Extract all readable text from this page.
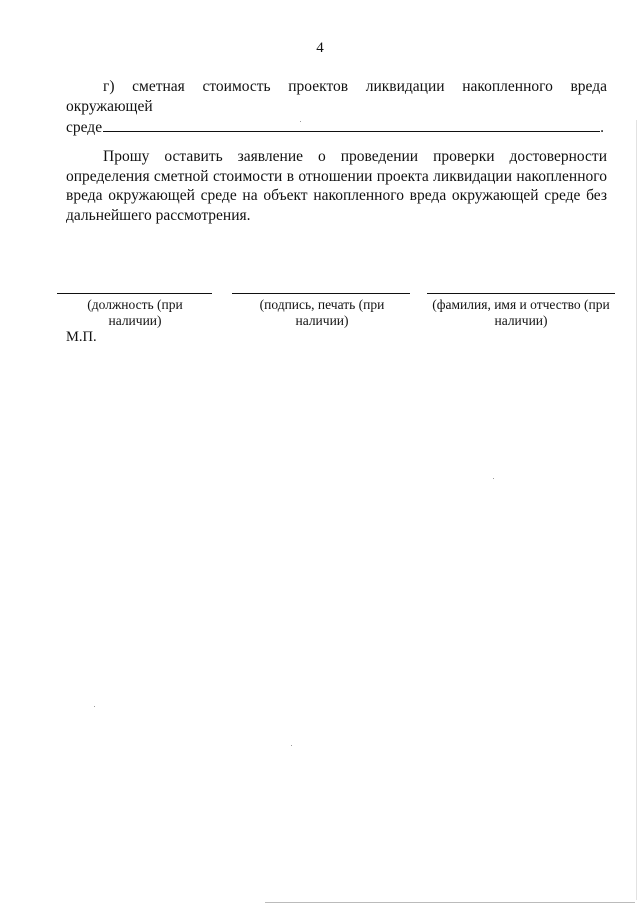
4
г) сметная стоимость проектов ликвидации накопленного вреда окружающей
среде	.
Прошу оставить заявление о проведении проверки достоверности определения сметной стоимости в отношении проекта ликвидации накопленного вреда окружающей среде на объект накопленного вреда окружающей среде без дальнейшего рассмотрения.
(должность (при наличии)
(подпись, печать (при наличии)
(фамилия, имя и отчество (при наличии)
М.П.
